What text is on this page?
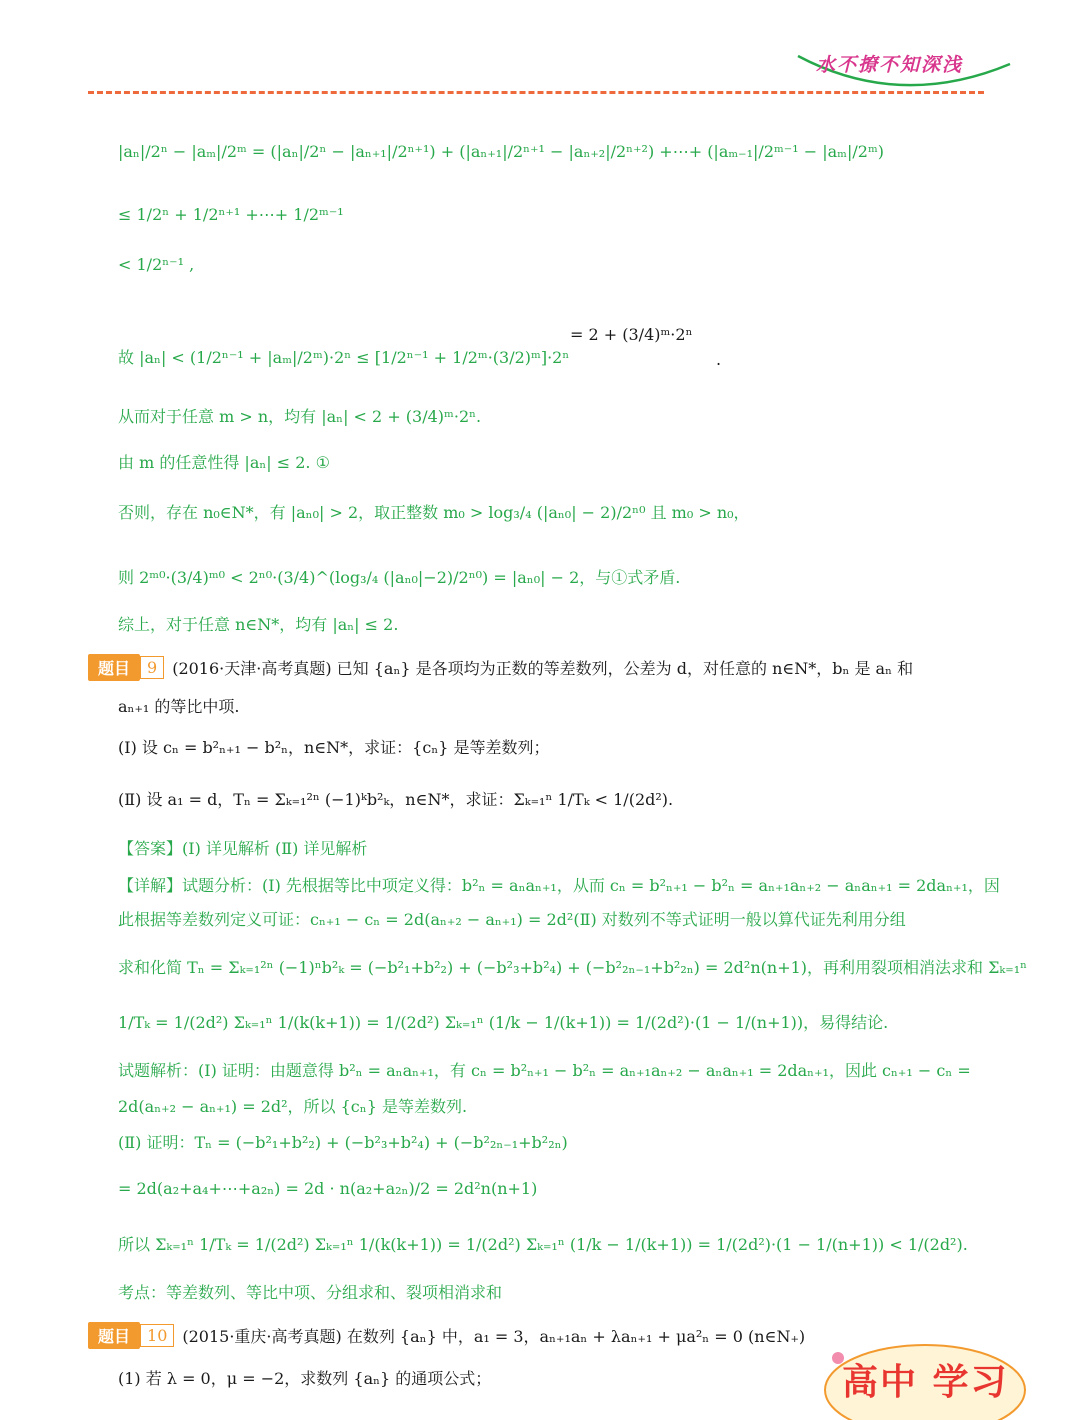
水不撩不知深浅
|aₙ|/2ⁿ − |aₘ|/2ᵐ = (|aₙ|/2ⁿ − |aₙ₊₁|/2ⁿ⁺¹) + (|aₙ₊₁|/2ⁿ⁺¹ − |aₙ₊₂|/2ⁿ⁺²) +⋯+ (|aₘ₋₁|/2ᵐ⁻¹ − |aₘ|/2ᵐ)
≤ 1/2ⁿ + 1/2ⁿ⁺¹ +⋯+ 1/2ᵐ⁻¹
< 1/2ⁿ⁻¹ ,
故 |aₙ| < (1/2ⁿ⁻¹ + |aₘ|/2ᵐ)·2ⁿ ≤ [1/2ⁿ⁻¹ + 1/2ᵐ·(3/2)ᵐ]·2ⁿ
= 2 + (3/4)ᵐ·2ⁿ
.
从而对于任意 m > n，均有 |aₙ| < 2 + (3/4)ᵐ·2ⁿ.
由 m 的任意性得 |aₙ| ≤ 2. ①
否则，存在 n₀∈N*，有 |aₙ₀| > 2，取正整数 m₀ > log₃/₄ (|aₙ₀| − 2)/2ⁿ⁰ 且 m₀ > n₀，
则 2ᵐ⁰·(3/4)ᵐ⁰ < 2ⁿ⁰·(3/4)^(log₃/₄ (|aₙ₀|−2)/2ⁿ⁰) = |aₙ₀| − 2，与①式矛盾.
综上，对于任意 n∈N*，均有 |aₙ| ≤ 2.
题目	9 (2016·天津·高考真题) 已知 {aₙ} 是各项均为正数的等差数列，公差为 d，对任意的 n∈N*，bₙ 是 aₙ 和
aₙ₊₁ 的等比中项.
(Ⅰ) 设 cₙ = b²ₙ₊₁ − b²ₙ，n∈N*，求证：{cₙ} 是等差数列；
(Ⅱ) 设 a₁ = d，Tₙ = Σₖ₌₁²ⁿ (−1)ᵏb²ₖ，n∈N*，求证：Σₖ₌₁ⁿ 1/Tₖ < 1/(2d²).
【答案】(Ⅰ) 详见解析 (Ⅱ) 详见解析
【详解】试题分析：(Ⅰ) 先根据等比中项定义得：b²ₙ = aₙaₙ₊₁，从而 cₙ = b²ₙ₊₁ − b²ₙ = aₙ₊₁aₙ₊₂ − aₙaₙ₊₁ = 2daₙ₊₁，因
此根据等差数列定义可证：cₙ₊₁ − cₙ = 2d(aₙ₊₂ − aₙ₊₁) = 2d²(Ⅱ) 对数列不等式证明一般以算代证先利用分组
求和化简 Tₙ = Σₖ₌₁²ⁿ (−1)ⁿb²ₖ = (−b²₁+b²₂) + (−b²₃+b²₄) + (−b²₂ₙ₋₁+b²₂ₙ) = 2d²n(n+1)，再利用裂项相消法求和 Σₖ₌₁ⁿ
1/Tₖ = 1/(2d²) Σₖ₌₁ⁿ 1/(k(k+1)) = 1/(2d²) Σₖ₌₁ⁿ (1/k − 1/(k+1)) = 1/(2d²)·(1 − 1/(n+1))，易得结论.
试题解析：(I) 证明：由题意得 b²ₙ = aₙaₙ₊₁，有 cₙ = b²ₙ₊₁ − b²ₙ = aₙ₊₁aₙ₊₂ − aₙaₙ₊₁ = 2daₙ₊₁，因此 cₙ₊₁ − cₙ =
2d(aₙ₊₂ − aₙ₊₁) = 2d²，所以 {cₙ} 是等差数列.
(Ⅱ) 证明：Tₙ = (−b²₁+b²₂) + (−b²₃+b²₄) + (−b²₂ₙ₋₁+b²₂ₙ)
= 2d(a₂+a₄+⋯+a₂ₙ) = 2d · n(a₂+a₂ₙ)/2 = 2d²n(n+1)
所以 Σₖ₌₁ⁿ 1/Tₖ = 1/(2d²) Σₖ₌₁ⁿ 1/(k(k+1)) = 1/(2d²) Σₖ₌₁ⁿ (1/k − 1/(k+1)) = 1/(2d²)·(1 − 1/(n+1)) < 1/(2d²).
考点：等差数列、等比中项、分组求和、裂项相消求和
题目	10 (2015·重庆·高考真题) 在数列 {aₙ} 中，a₁ = 3，aₙ₊₁aₙ + λaₙ₊₁ + μa²ₙ = 0 (n∈N₊)
(1) 若 λ = 0，μ = −2，求数列 {aₙ} 的通项公式；	高中 学习
